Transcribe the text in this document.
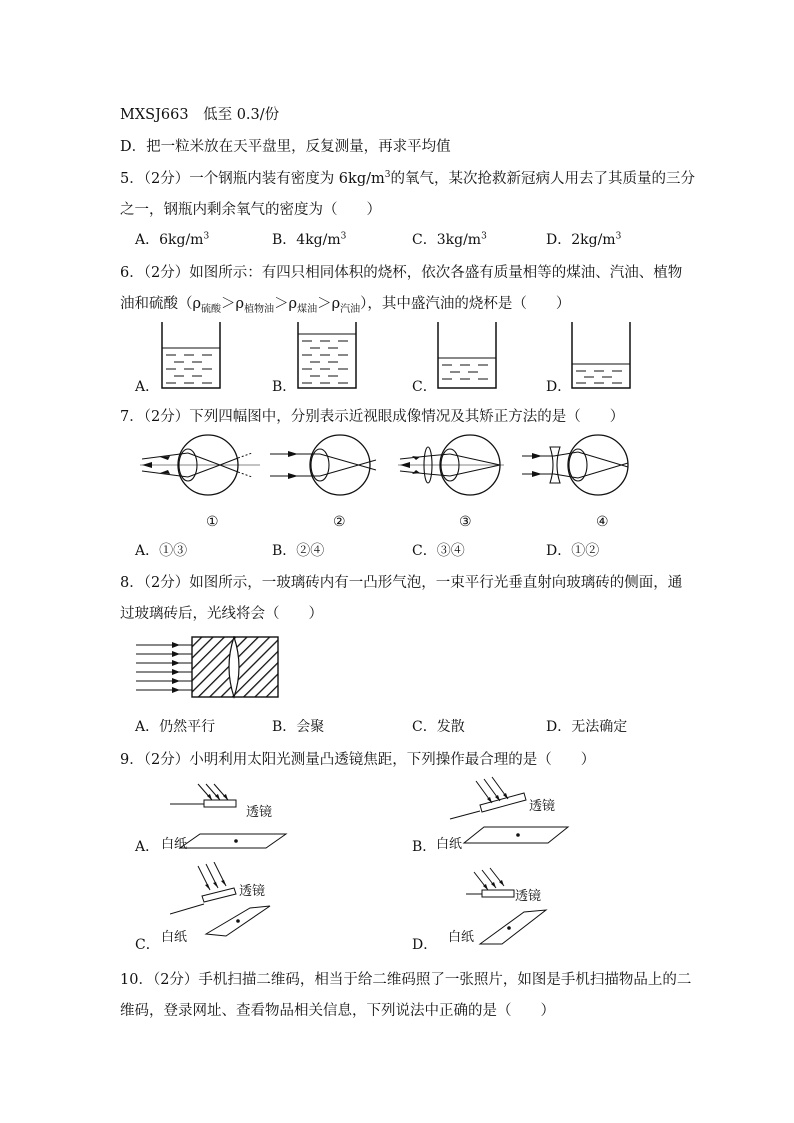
MXSJ663　低至 0.3/份
D．把一粒米放在天平盘里，反复测量，再求平均值
5．（2分）一个钢瓶内装有密度为 $6kg/m^3$的氧气，某次抢救新冠病人用去了其质量的三分
之一，钢瓶内剩余氧气的密度为（　　）
A．$6kg/m^3$	B．$4kg/m^3$	C．$3kg/m^3$	D．$2kg/m^3$
6．（2分）如图所示：有四只相同体积的烧杯，依次各盛有质量相等的煤油、汽油、植物
油和硫酸$(\rho_{硫酸}>\rho_{植物油}>\rho_{煤油}>\rho_{汽油})$，其中盛汽油的烧杯是（　　）
A．	B．	C．	D．
7．（2分）下列四幅图中，分别表示近视眼成像情况及其矫正方法的是（　　）
①	②	③	④
A．①③	B．②④	C．③④	D．①②
8．（2分）如图所示，一玻璃砖内有一凸形气泡，一束平行光垂直射向玻璃砖的侧面，通
过玻璃砖后，光线将会（　　）
A．仍然平行	B．会聚	C．发散	D．无法确定
9．（2分）小明利用太阳光测量凸透镜焦距，下列操作最合理的是（　　）
透镜
白纸
A．
透镜
白纸
B．
透镜
白纸
C．
透镜
白纸
D．
10．（2分）手机扫描二维码，相当于给二维码照了一张照片，如图是手机扫描物品上的二
维码，登录网址、查看物品相关信息，下列说法中正确的是（　　）
